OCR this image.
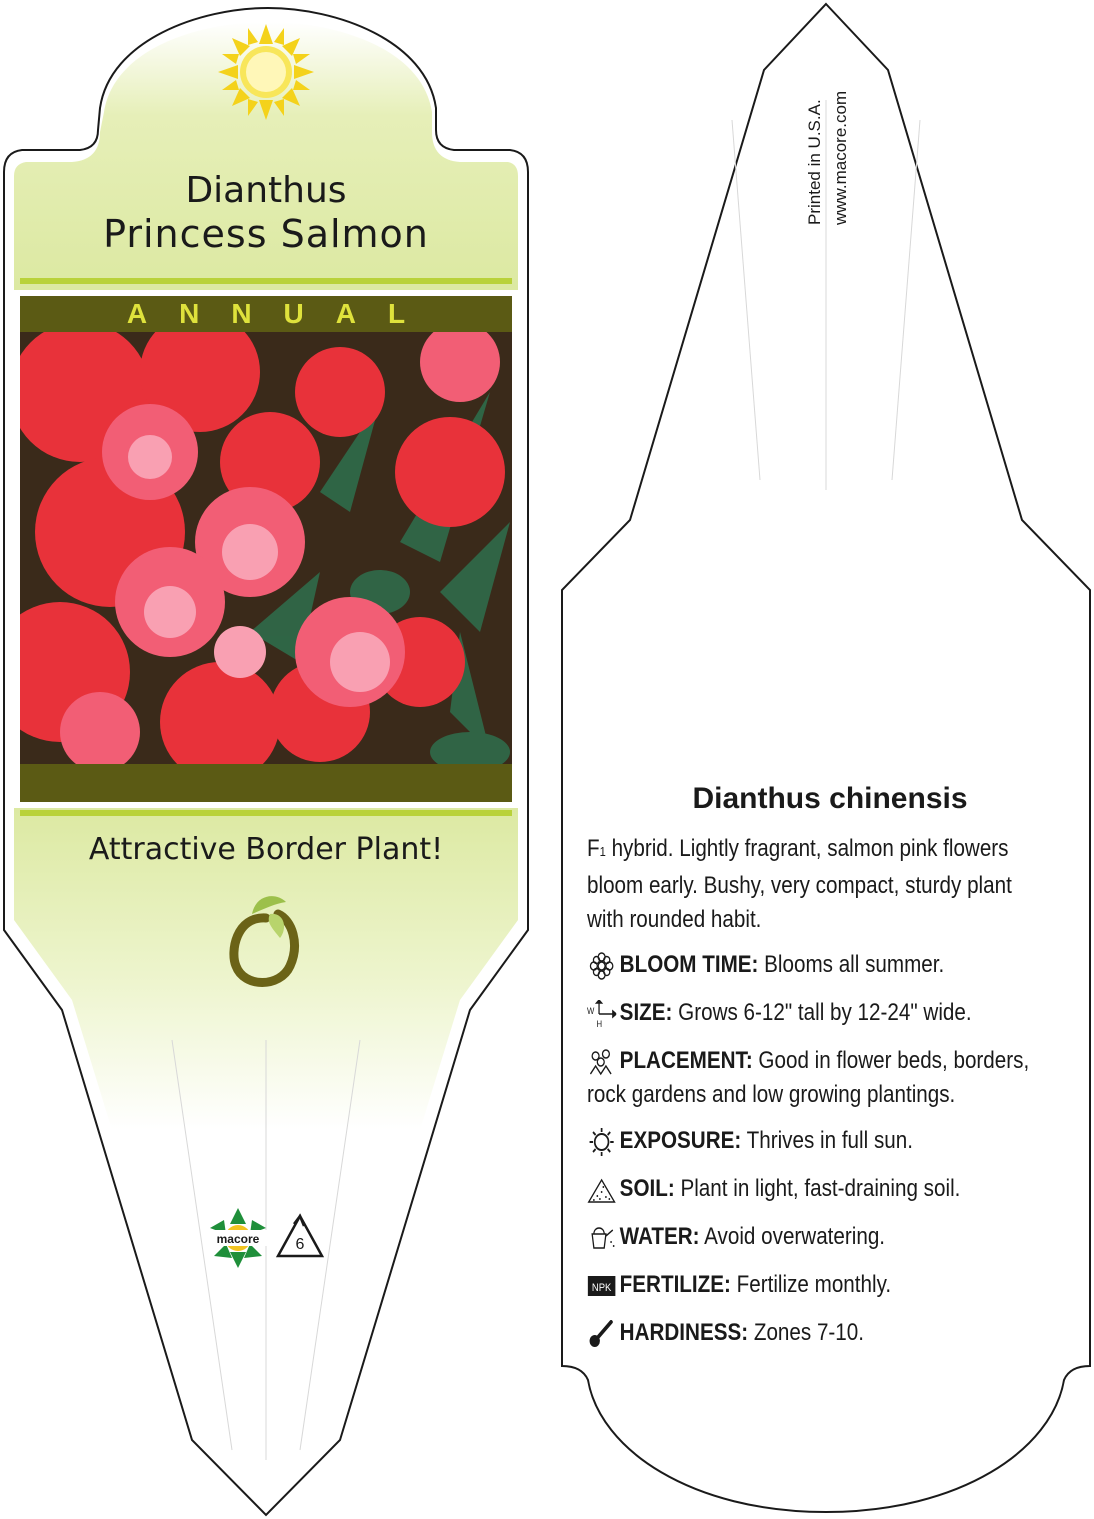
Dianthus
Princess Salmon
ANNUAL
Attractive Border Plant!
macore 6
Printed in U.S.A. www.macore.com
Dianthus chinensis
F1 hybrid. Lightly fragrant, salmon pink flowers bloom early. Bushy, very compact, sturdy plant with rounded habit.
BLOOM TIME: Blooms all summer.
W
H SIZE: Grows 6-12" tall by 12-24" wide.
PLACEMENT: Good in flower beds, borders,
rock gardens and low growing plantings.
EXPOSURE: Thrives in full sun.
SOIL: Plant in light, fast-draining soil.
WATER: Avoid overwatering.
NPK FERTILIZE: Fertilize monthly.
HARDINESS: Zones 7-10.
